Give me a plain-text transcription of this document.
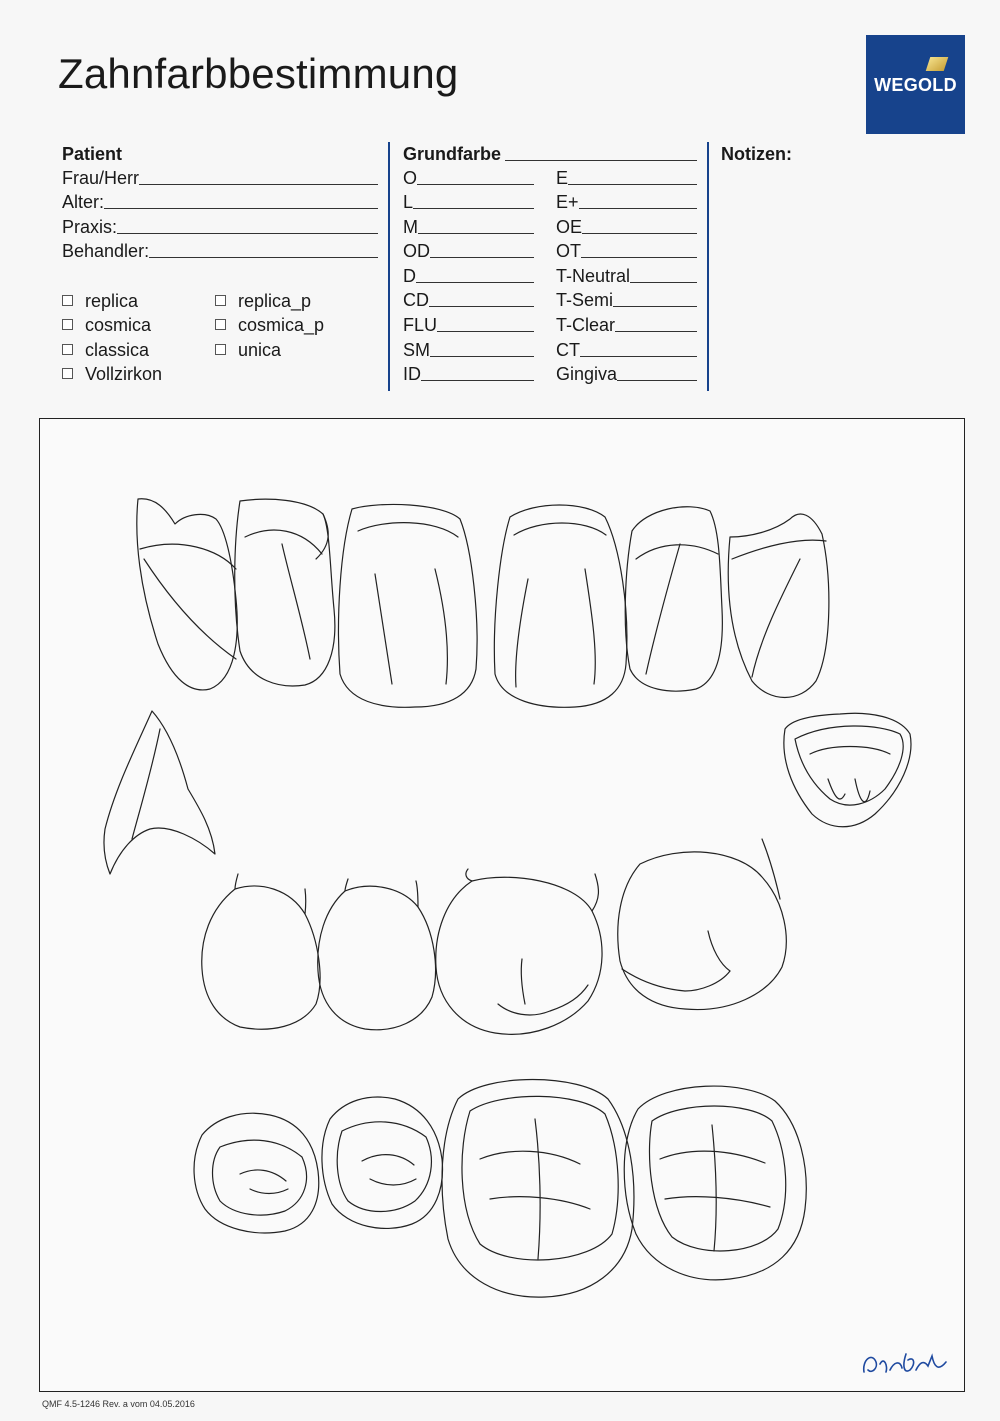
Zahnfarbbestimmung	WEGOLD
Patient
Frau/Herr
Alter:
Praxis:
Behandler:
replica
cosmica
classica
Vollzirkon
replica_p
cosmica_p
unica
Grundfarbe
O
L
M
OD
D
CD
FLU
SM
ID
E
E+
OE
OT
T-Neutral
T-Semi
T-Clear
CT
Gingiva
Notizen:
QMF 4.5-1246 Rev. a vom 04.05.2016
